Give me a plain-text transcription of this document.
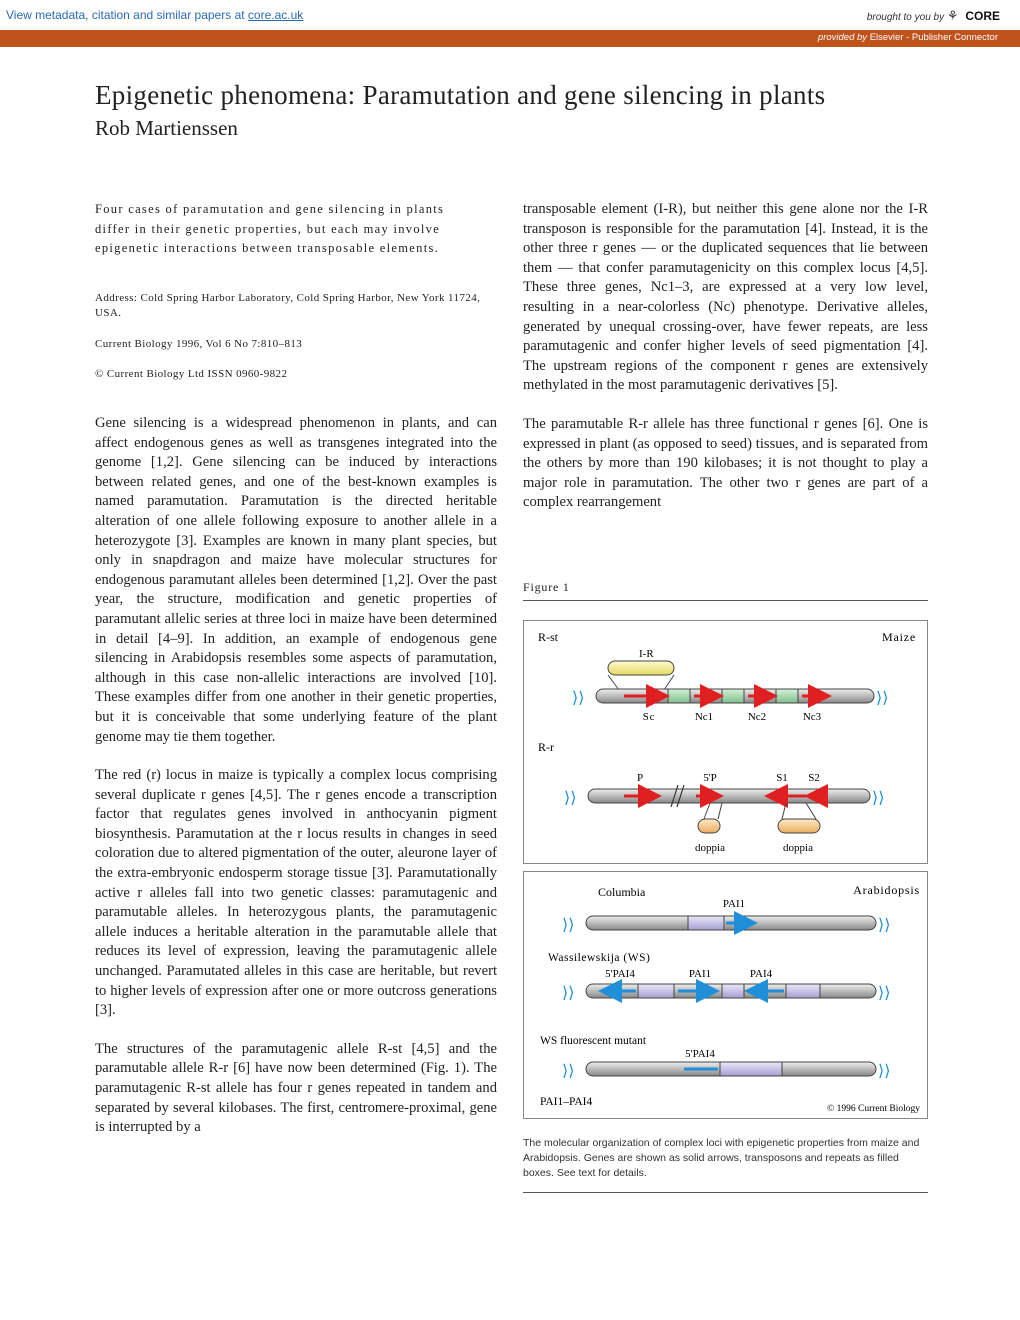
View metadata, citation and similar papers at core.ac.uk	brought to you by ⚘ CORE
provided by Elsevier - Publisher Connector
Epigenetic phenomena: Paramutation and gene silencing in plants
Rob Martienssen
Four cases of paramutation and gene silencing in plants differ in their genetic properties, but each may involve epigenetic interactions between transposable elements.
Address: Cold Spring Harbor Laboratory, Cold Spring Harbor, New York 11724, USA.
Current Biology 1996, Vol 6 No 7:810–813
© Current Biology Ltd ISSN 0960-9822

Gene silencing is a widespread phenomenon in plants, and can affect endogenous genes as well as transgenes integrated into the genome [1,2]. Gene silencing can be induced by interactions between related genes, and one of the best-known examples is named paramutation. Paramutation is the directed heritable alteration of one allele following exposure to another allele in a heterozygote [3]. Examples are known in many plant species, but only in snapdragon and maize have molecular structures for endogenous paramutant alleles been determined [1,2]. Over the past year, the structure, modification and genetic properties of paramutant allelic series at three loci in maize have been determined in detail [4–9]. In addition, an example of endogenous gene silencing in Arabidopsis resembles some aspects of paramutation, although in this case non-allelic interactions are involved [10]. These examples differ from one another in their genetic properties, but it is conceivable that some underlying feature of the plant genome may tie them together.

The red (r) locus in maize is typically a complex locus comprising several duplicate r genes [4,5]. The r genes encode a transcription factor that regulates genes involved in anthocyanin pigment biosynthesis. Paramutation at the r locus results in changes in seed coloration due to altered pigmentation of the outer, aleurone layer of the extra-embryonic endosperm storage tissue [3]. Paramutationally active r alleles fall into two genetic classes: paramutagenic and paramutable alleles. In heterozygous plants, the paramutagenic allele induces a heritable alteration in the paramutable allele that reduces its level of expression, leaving the paramutagenic allele unchanged. Paramutated alleles in this case are heritable, but revert to higher levels of expression after one or more outcross generations [3].

The structures of the paramutagenic allele R-st [4,5] and the paramutable allele R-r [6] have now been determined (Fig. 1). The paramutagenic R-st allele has four r genes repeated in tandem and separated by several kilobases. The first, centromere-proximal, gene is interrupted by a

transposable element (I-R), but neither this gene alone nor the I-R transposon is responsible for the paramutation [4]. Instead, it is the other three r genes — or the duplicated sequences that lie between them — that confer paramutagenicity on this complex locus [4,5]. These three genes, Nc1–3, are expressed at a very low level, resulting in a near-colorless (Nc) phenotype. Derivative alleles, generated by unequal crossing-over, have fewer repeats, are less paramutagenic and confer higher levels of seed pigmentation [4]. The upstream regions of the component r genes are extensively methylated in the most paramutagenic derivatives [5].

The paramutable R-r allele has three functional r genes [6]. One is expressed in plant (as opposed to seed) tissues, and is separated from the others by more than 190 kilobases; it is not thought to play a major role in paramutation. The other two r genes are part of a complex rearrangement

Figure 1
R-st	Maize
I-R
⟩⟩	⟩⟩
Sc	Nc1	Nc2	Nc3
R-r
P	5'P	S1 S2
⟩⟩	⟩⟩
doppia	doppia
Columbia	Arabidopsis
PAI1
⟩⟩	⟩⟩
Wassilewskija (WS)
5'PAI4	PAI1	PAI4
⟩⟩	⟩⟩
WS fluorescent mutant
5'PAI4
⟩⟩	⟩⟩
PAI1–PAI4
© 1996 Current Biology
The molecular organization of complex loci with epigenetic properties from maize and Arabidopsis. Genes are shown as solid arrows, transposons and repeats as filled boxes. See text for details.
